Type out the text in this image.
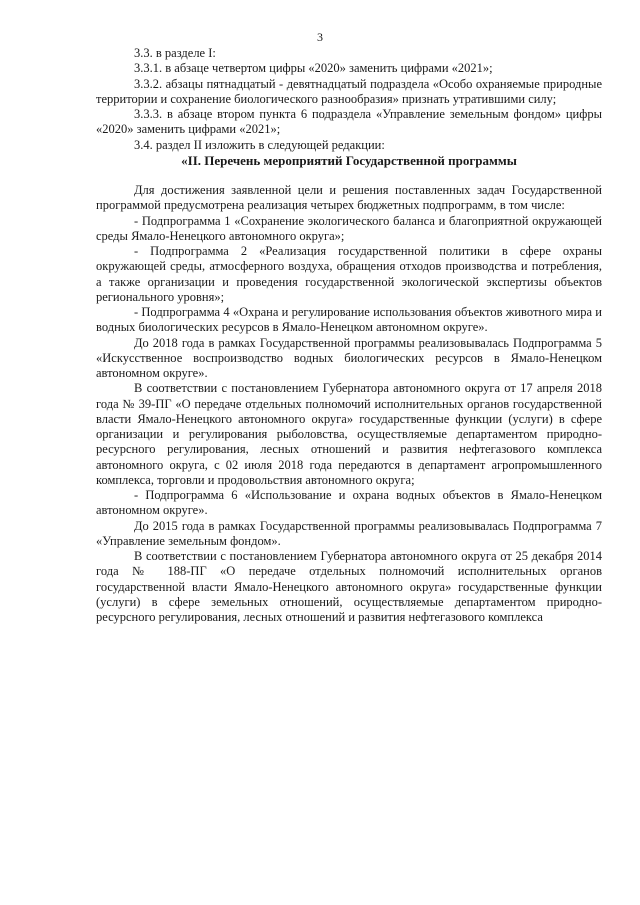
3

3.3. в разделе I:

3.3.1. в абзаце четвертом цифры «2020» заменить цифрами «2021»;

3.3.2. абзацы пятнадцатый - девятнадцатый подраздела «Особо охраняемые природные территории и сохранение биологического разнообразия» признать утратившими силу;

3.3.3. в абзаце втором пункта 6 подраздела «Управление земельным фондом» цифры «2020» заменить цифрами «2021»;

3.4. раздел II изложить в следующей редакции:

«II. Перечень мероприятий Государственной программы

Для достижения заявленной цели и решения поставленных задач Государственной программой предусмотрена реализация четырех бюджетных подпрограмм, в том числе:

- Подпрограмма 1 «Сохранение экологического баланса и благоприятной окружающей среды Ямало-Ненецкого автономного округа»;

- Подпрограмма 2 «Реализация государственной политики в сфере охраны окружающей среды, атмосферного воздуха, обращения отходов производства и потребления, а также организации и проведения государственной экологической экспертизы объектов регионального уровня»;

- Подпрограмма 4 «Охрана и регулирование использования объектов животного мира и водных биологических ресурсов в Ямало-Ненецком автономном округе».

До 2018 года в рамках Государственной программы реализовывалась Подпрограмма 5 «Искусственное воспроизводство водных биологических ресурсов в Ямало-Ненецком автономном округе».

В соответствии с постановлением Губернатора автономного округа от 17 апреля 2018 года № 39-ПГ «О передаче отдельных полномочий исполнительных органов государственной власти Ямало-Ненецкого автономного округа» государственные функции (услуги) в сфере организации и регулирования рыболовства, осуществляемые департаментом природно-ресурсного регулирования, лесных отношений и развития нефтегазового комплекса автономного округа, с 02 июля 2018 года передаются в департамент агропромышленного комплекса, торговли и продовольствия автономного округа;

- Подпрограмма 6 «Использование и охрана водных объектов в Ямало-Ненецком автономном округе».

До 2015 года в рамках Государственной программы реализовывалась Подпрограмма 7 «Управление земельным фондом».

В соответствии с постановлением Губернатора автономного округа от 25 декабря 2014 года № 188-ПГ «О передаче отдельных полномочий исполнительных органов государственной власти Ямало-Ненецкого автономного округа» государственные функции (услуги) в сфере земельных отношений, осуществляемые департаментом природно-ресурсного регулирования, лесных отношений и развития нефтегазового комплекса
